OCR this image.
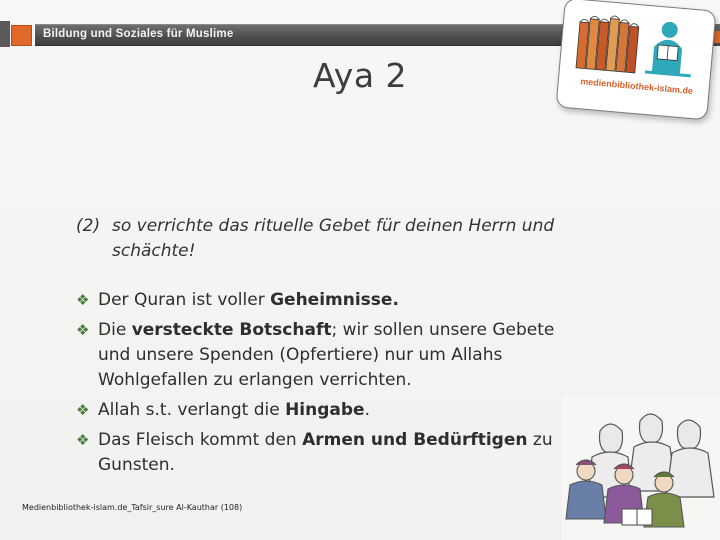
Bildung und Soziales für Muslime
medienbibliothek-islam.de
Aya 2
(2) so verrichte das rituelle Gebet für deinen Herrn und schächte!
❖ Der Quran ist voller Geheimnisse.
❖ Die versteckte Botschaft; wir sollen unsere Gebete und unsere Spenden (Opfertiere) nur um Allahs Wohlgefallen zu erlangen verrichten.
❖ Allah s.t. verlangt die Hingabe.
❖ Das Fleisch kommt den Armen und Bedürftigen zu Gunsten.
Medienbibliothek-islam.de_Tafsir_sure Al-Kauthar (108)
